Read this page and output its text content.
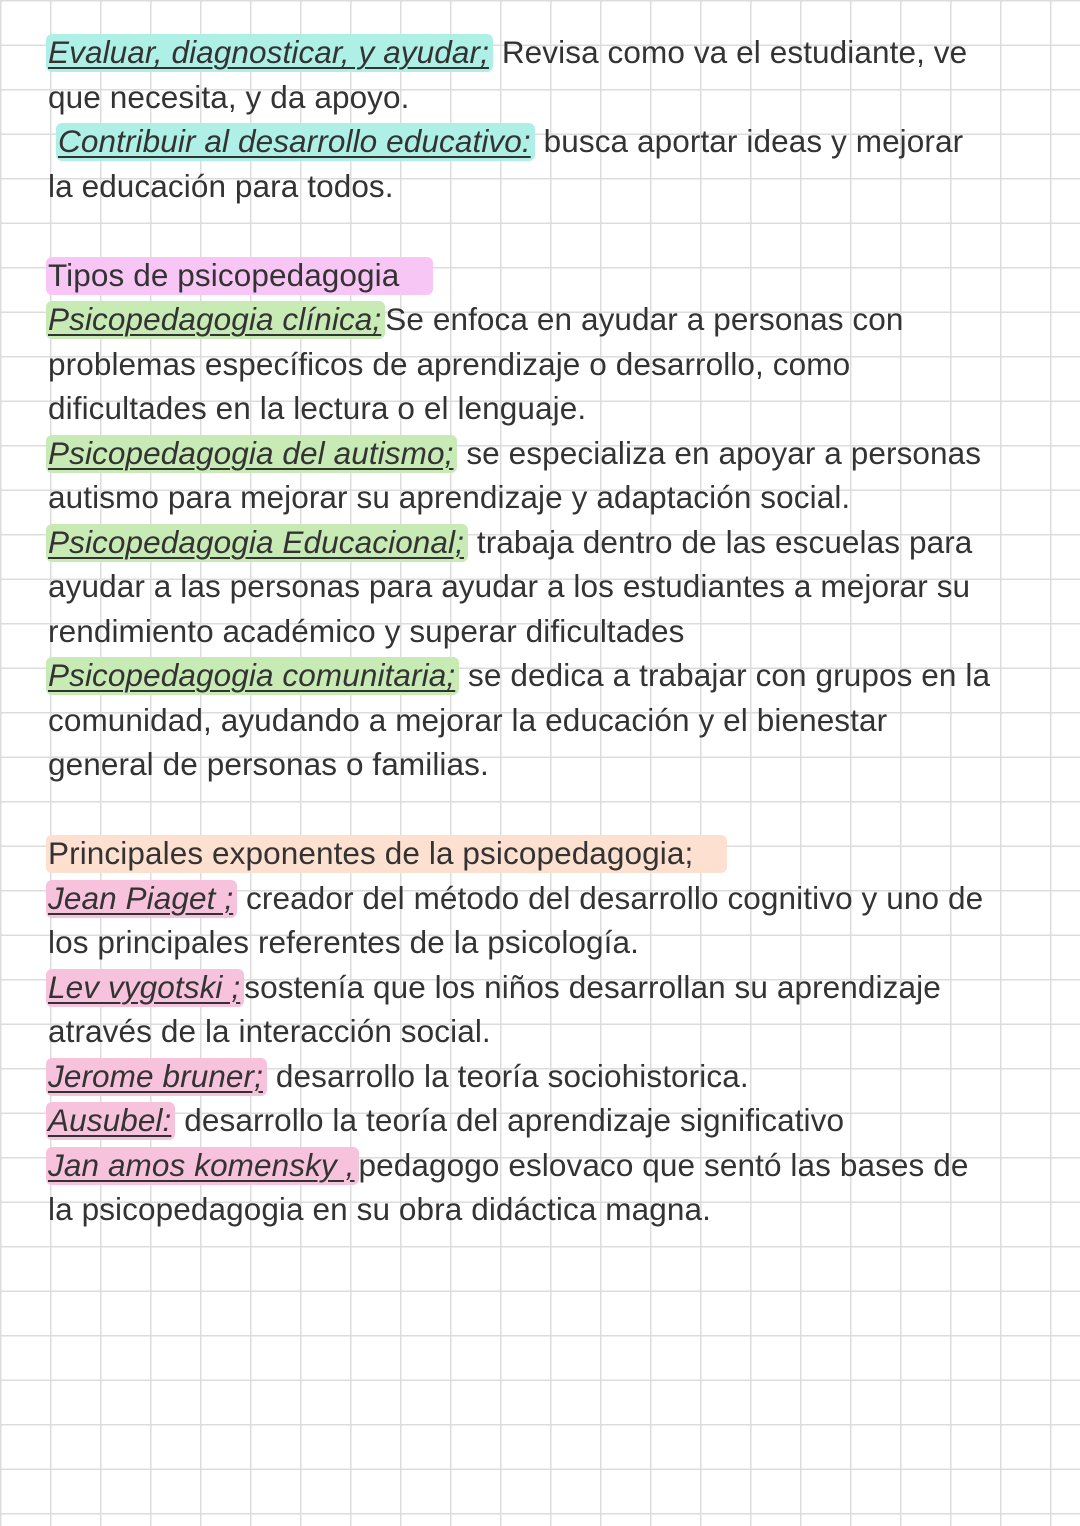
Evaluar, diagnosticar, y ayudar; Revisa como va el estudiante, ve
que necesita, y da apoyo.
Contribuir al desarrollo educativo: busca aportar ideas y mejorar
la educación para todos.
Tipos de psicopedagogia
Psicopedagogia clínica; Se enfoca en ayudar a personas con
problemas específicos de aprendizaje o desarrollo, como
dificultades en la lectura o el lenguaje.
Psicopedagogia del autismo; se especializa en apoyar a personas
autismo para mejorar su aprendizaje y adaptación social.
Psicopedagogia Educacional; trabaja dentro de las escuelas para
ayudar a las personas para ayudar a los estudiantes a mejorar su
rendimiento académico y superar dificultades
Psicopedagogia comunitaria; se dedica a trabajar con grupos en la
comunidad, ayudando a mejorar la educación y el bienestar
general de personas o familias.
Principales exponentes de la psicopedagogia;
Jean Piaget ; creador del método del desarrollo cognitivo y uno de
los principales referentes de la psicología.
Lev vygotski ; sostenía que los niños desarrollan su aprendizaje
através de la interacción social.
Jerome bruner; desarrollo la teoría sociohistorica.
Ausubel: desarrollo la teoría del aprendizaje significativo
Jan amos komensky , pedagogo eslovaco que sentó las bases de
la psicopedagogia en su obra didáctica magna.
